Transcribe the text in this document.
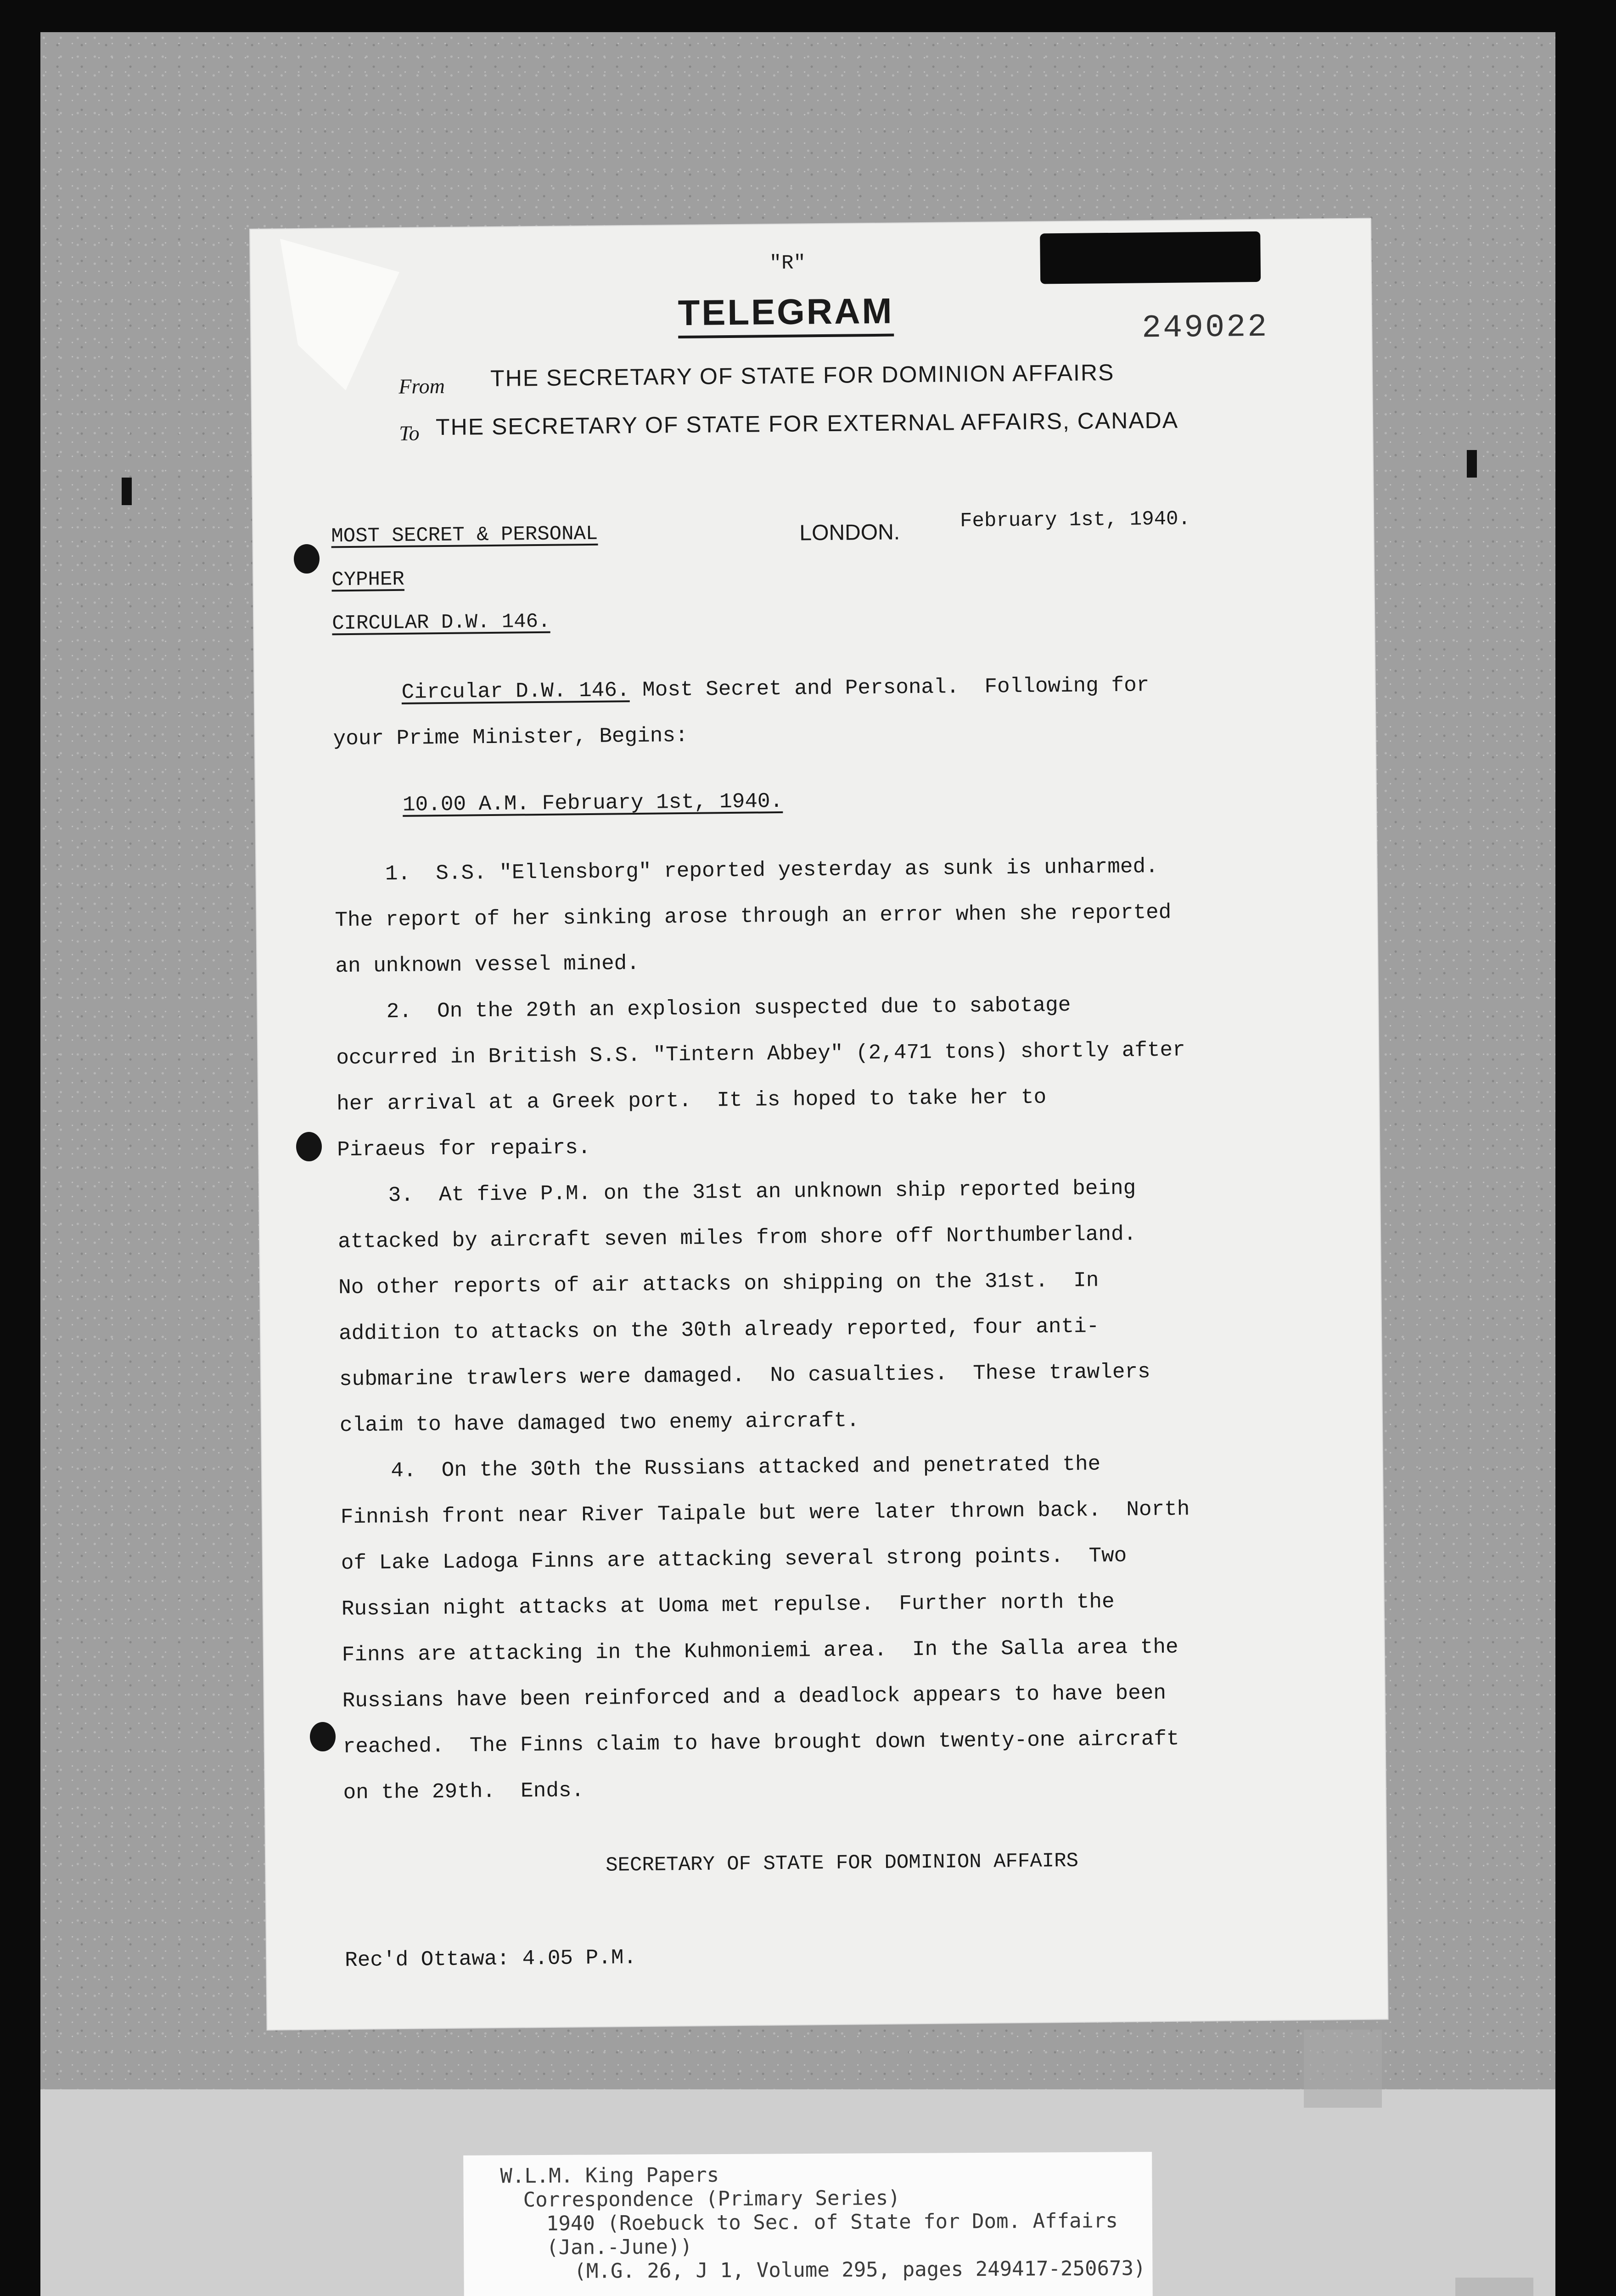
"R"
TELEGRAM	249022
From THE SECRETARY OF STATE FOR DOMINION AFFAIRS
To THE SECRETARY OF STATE FOR EXTERNAL AFFAIRS, CANADA
MOST SECRET & PERSONAL
CYPHER
CIRCULAR D.W. 146.
LONDON.	February 1st, 1940.
Circular D.W. 146. Most Secret and Personal.  Following for
your Prime Minister, Begins:
10.00 A.M. February 1st, 1940.
1.  S.S. "Ellensborg" reported yesterday as sunk is unharmed.
The report of her sinking arose through an error when she reported
an unknown vessel mined.
2.  On the 29th an explosion suspected due to sabotage
occurred in British S.S. "Tintern Abbey" (2,471 tons) shortly after
her arrival at a Greek port.  It is hoped to take her to
Piraeus for repairs.
3.  At five P.M. on the 31st an unknown ship reported being
attacked by aircraft seven miles from shore off Northumberland.
No other reports of air attacks on shipping on the 31st.  In
addition to attacks on the 30th already reported, four anti-
submarine trawlers were damaged.  No casualties.  These trawlers
claim to have damaged two enemy aircraft.
4.  On the 30th the Russians attacked and penetrated the
Finnish front near River Taipale but were later thrown back.  North
of Lake Ladoga Finns are attacking several strong points.  Two
Russian night attacks at Uoma met repulse.  Further north the
Finns are attacking in the Kuhmoniemi area.  In the Salla area the
Russians have been reinforced and a deadlock appears to have been
reached.  The Finns claim to have brought down twenty-one aircraft
on the 29th.  Ends.
SECRETARY OF STATE FOR DOMINION AFFAIRS
Rec'd Ottawa: 4.05 P.M.
W.L.M. King Papers
Correspondence (Primary Series)
1940 (Roebuck to Sec. of State for Dom. Affairs
(Jan.-June))
(M.G. 26, J 1, Volume 295, pages 249417-250673)
